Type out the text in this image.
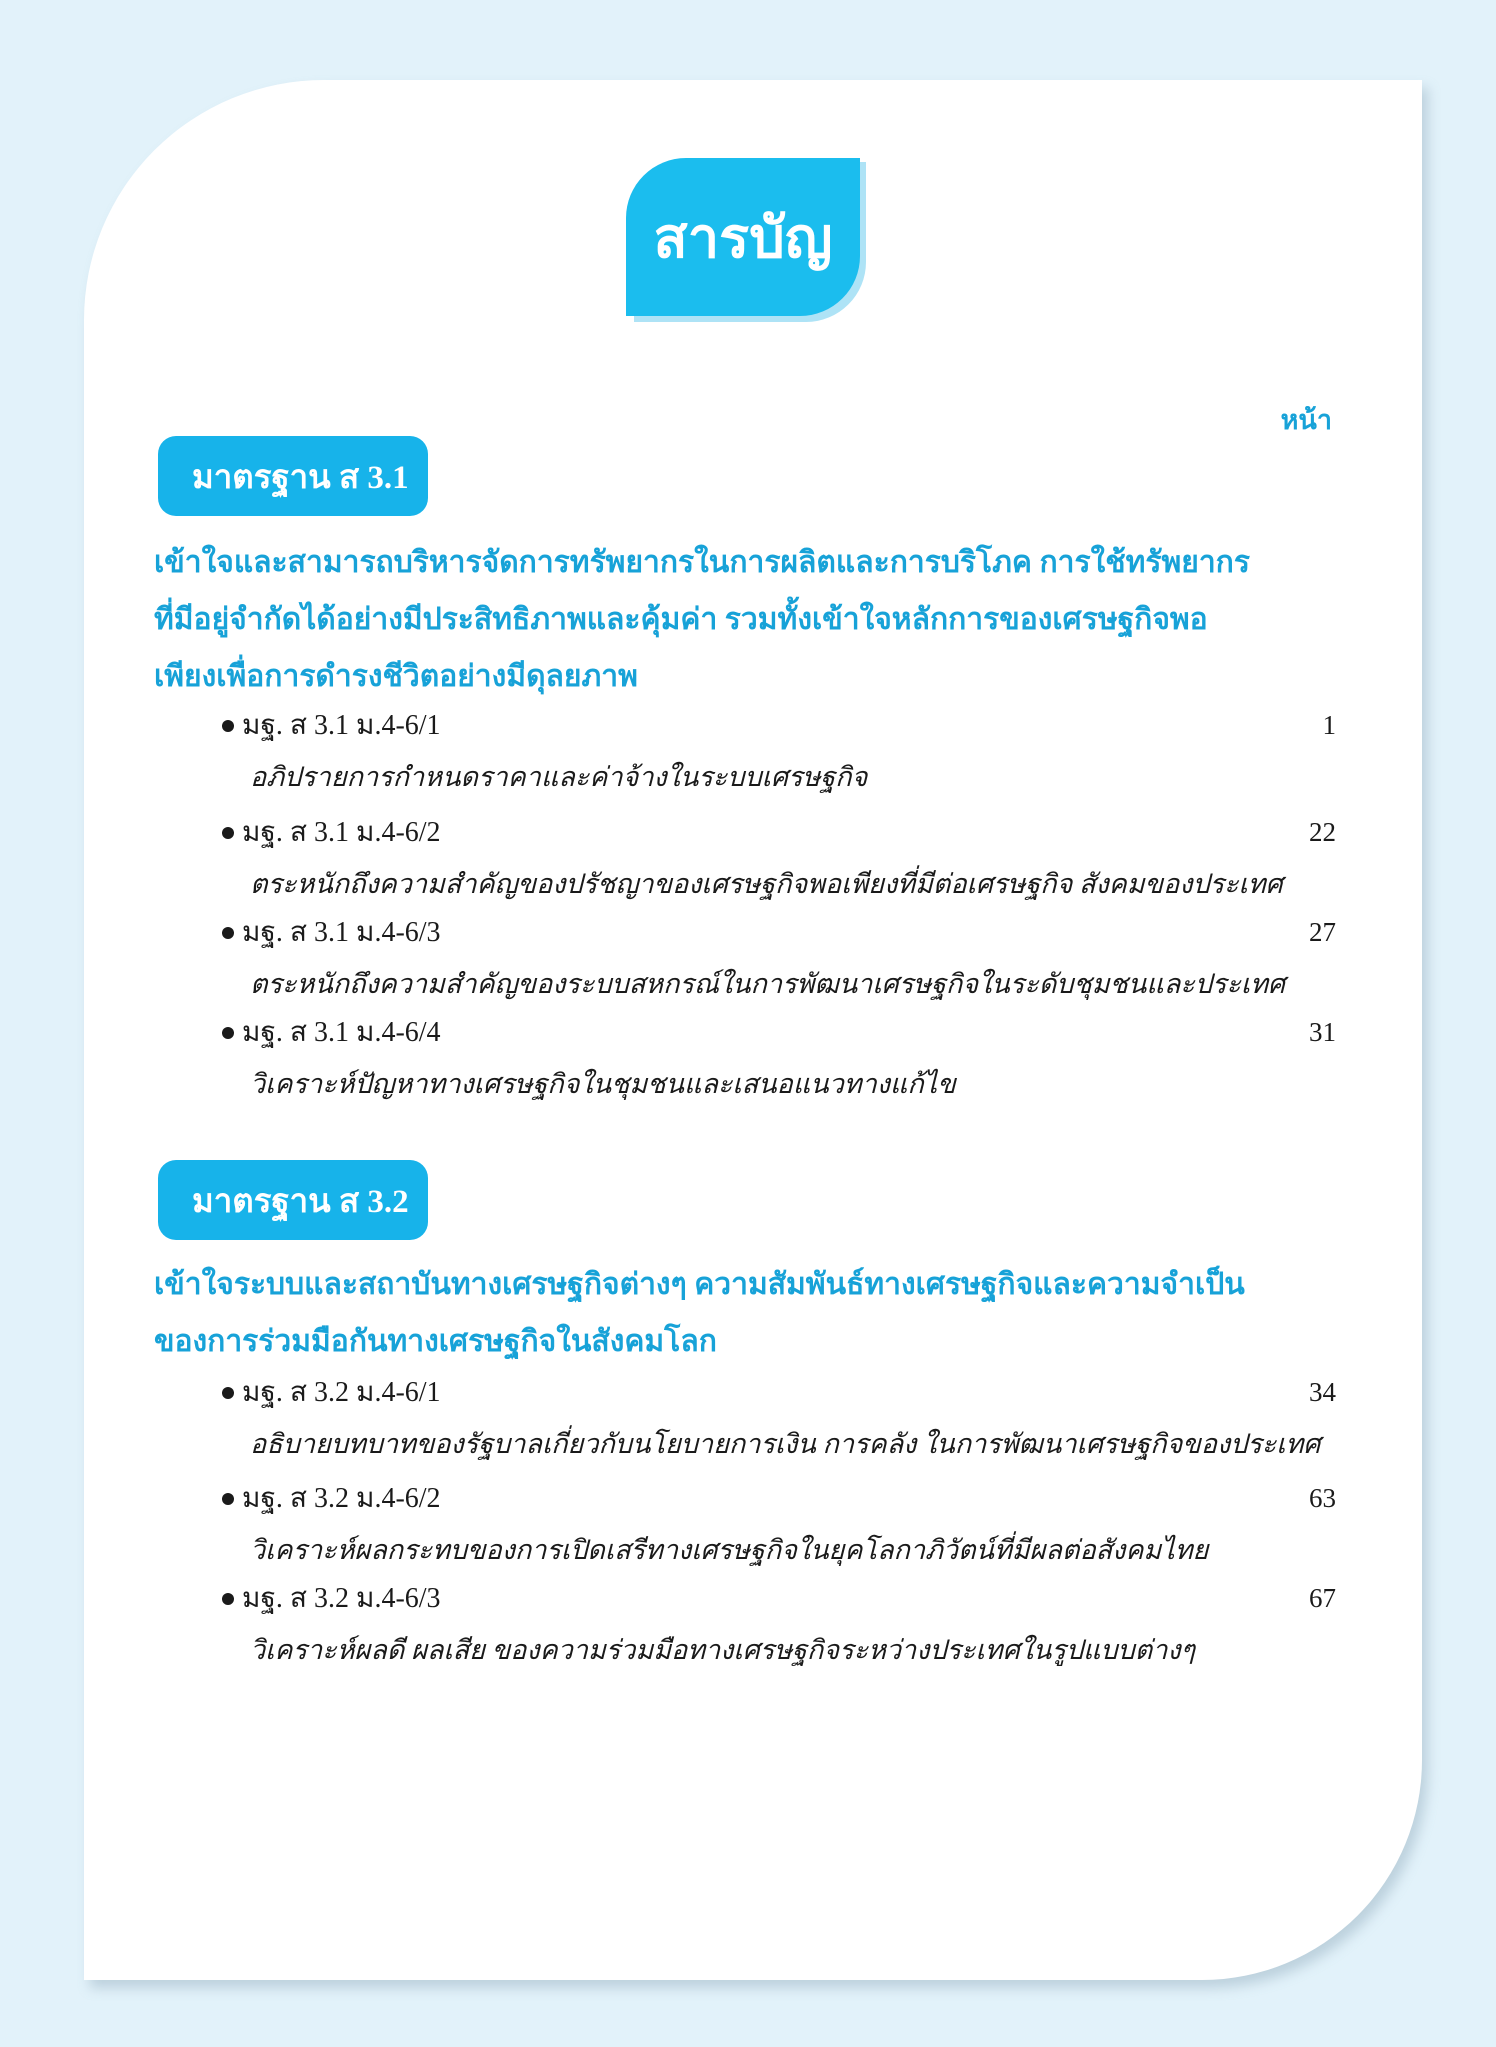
สารบัญ
หน้า
มาตรฐาน ส 3.1
เข้าใจและสามารถบริหารจัดการทรัพยากรในการผลิตและการบริโภค การใช้ทรัพยากรที่มีอยู่จำกัดได้อย่างมีประสิทธิภาพและคุ้มค่า รวมทั้งเข้าใจหลักการของเศรษฐกิจพอเพียงเพื่อการดำรงชีวิตอย่างมีดุลยภาพ
มฐ. ส 3.1 ม.4-6/1	1
อภิปรายการกำหนดราคาและค่าจ้างในระบบเศรษฐกิจ
มฐ. ส 3.1 ม.4-6/2	22
ตระหนักถึงความสำคัญของปรัชญาของเศรษฐกิจพอเพียงที่มีต่อเศรษฐกิจ สังคมของประเทศ
มฐ. ส 3.1 ม.4-6/3	27
ตระหนักถึงความสำคัญของระบบสหกรณ์ในการพัฒนาเศรษฐกิจในระดับชุมชนและประเทศ
มฐ. ส 3.1 ม.4-6/4	31
วิเคราะห์ปัญหาทางเศรษฐกิจในชุมชนและเสนอแนวทางแก้ไข
มาตรฐาน ส 3.2
เข้าใจระบบและสถาบันทางเศรษฐกิจต่างๆ ความสัมพันธ์ทางเศรษฐกิจและความจำเป็นของการร่วมมือกันทางเศรษฐกิจในสังคมโลก
มฐ. ส 3.2 ม.4-6/1	34
อธิบายบทบาทของรัฐบาลเกี่ยวกับนโยบายการเงิน การคลัง ในการพัฒนาเศรษฐกิจของประเทศ
มฐ. ส 3.2 ม.4-6/2	63
วิเคราะห์ผลกระทบของการเปิดเสรีทางเศรษฐกิจในยุคโลกาภิวัตน์ที่มีผลต่อสังคมไทย
มฐ. ส 3.2 ม.4-6/3	67
วิเคราะห์ผลดี ผลเสีย ของความร่วมมือทางเศรษฐกิจระหว่างประเทศในรูปแบบต่างๆ
